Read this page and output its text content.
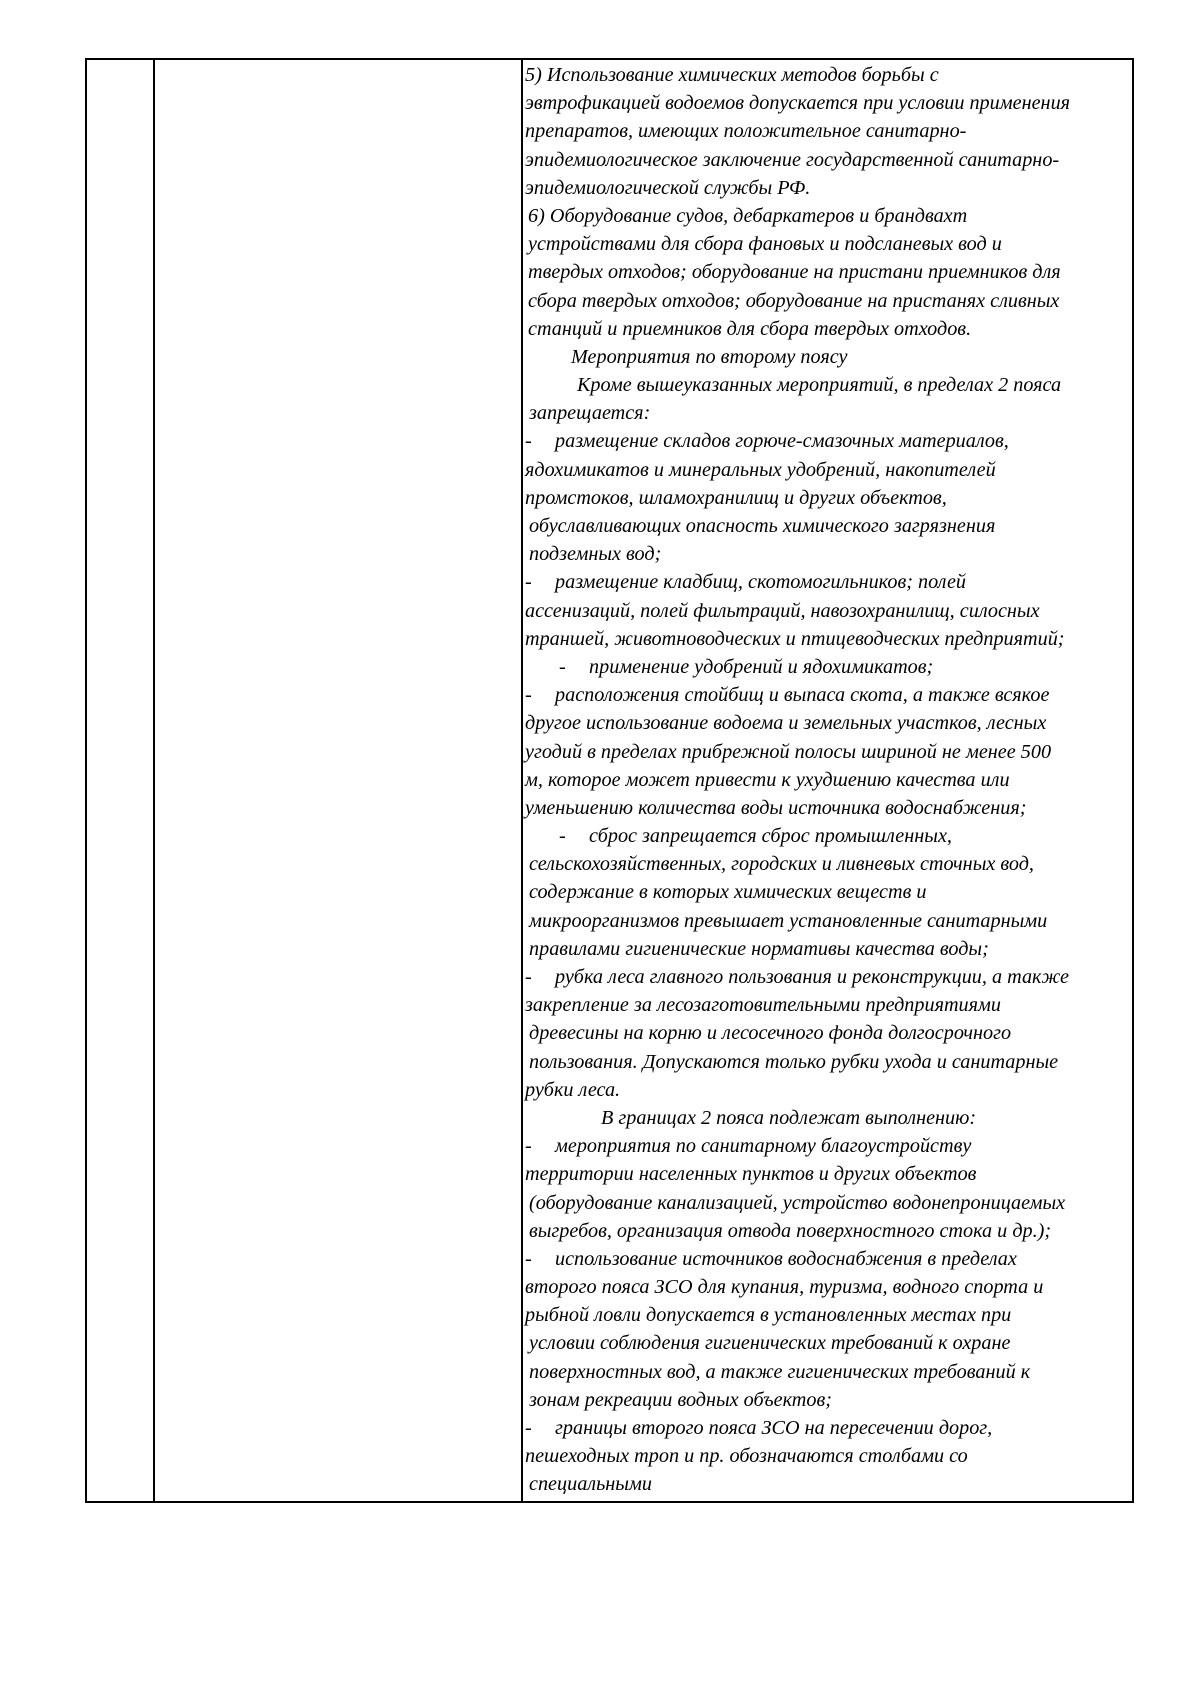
5) Использование химических методов борьбы с
эвтрофикацией водоемов допускается при условии применения
препаратов, имеющих положительное санитарно-
эпидемиологическое заключение государственной санитарно-
эпидемиологической службы РФ.
6) Оборудование судов, дебаркатеров и брандвахт
устройствами для сбора фановых и подсланевых вод и
твердых отходов; оборудование на пристани приемников для
сбора твердых отходов; оборудование на пристанях сливных
станций и приемников для сбора твердых отходов.
Мероприятия по второму поясу
Кроме вышеуказанных мероприятий, в пределах 2 пояса
запрещается:
- размещение складов горюче-смазочных материалов,
ядохимикатов и минеральных удобрений, накопителей
промстоков, шламохранилищ и других объектов,
обуславливающих опасность химического загрязнения
подземных вод;
- размещение кладбищ, скотомогильников; полей
ассенизаций, полей фильтраций, навозохранилищ, силосных
траншей, животноводческих и птицеводческих предприятий;
- применение удобрений и ядохимикатов;
- расположения стойбищ и выпаса скота, а также всякое
другое использование водоема и земельных участков, лесных
угодий в пределах прибрежной полосы шириной не менее 500
м, которое может привести к ухудшению качества или
уменьшению количества воды источника водоснабжения;
- сброс запрещается сброс промышленных,
сельскохозяйственных, городских и ливневых сточных вод,
содержание в которых химических веществ и
микроорганизмов превышает установленные санитарными
правилами гигиенические нормативы качества воды;
- рубка леса главного пользования и реконструкции, а также
закрепление за лесозаготовительными предприятиями
древесины на корню и лесосечного фонда долгосрочного
пользования. Допускаются только рубки ухода и санитарные
рубки леса.
В границах 2 пояса подлежат выполнению:
- мероприятия по санитарному благоустройству
территории населенных пунктов и других объектов
(оборудование канализацией, устройство водонепроницаемых
выгребов, организация отвода поверхностного стока и др.);
- использование источников водоснабжения в пределах
второго пояса ЗСО для купания, туризма, водного спорта и
рыбной ловли допускается в установленных местах при
условии соблюдения гигиенических требований к охране
поверхностных вод, а также гигиенических требований к
зонам рекреации водных объектов;
- границы второго пояса ЗСО на пересечении дорог,
пешеходных троп и пр. обозначаются столбами со
специальными
